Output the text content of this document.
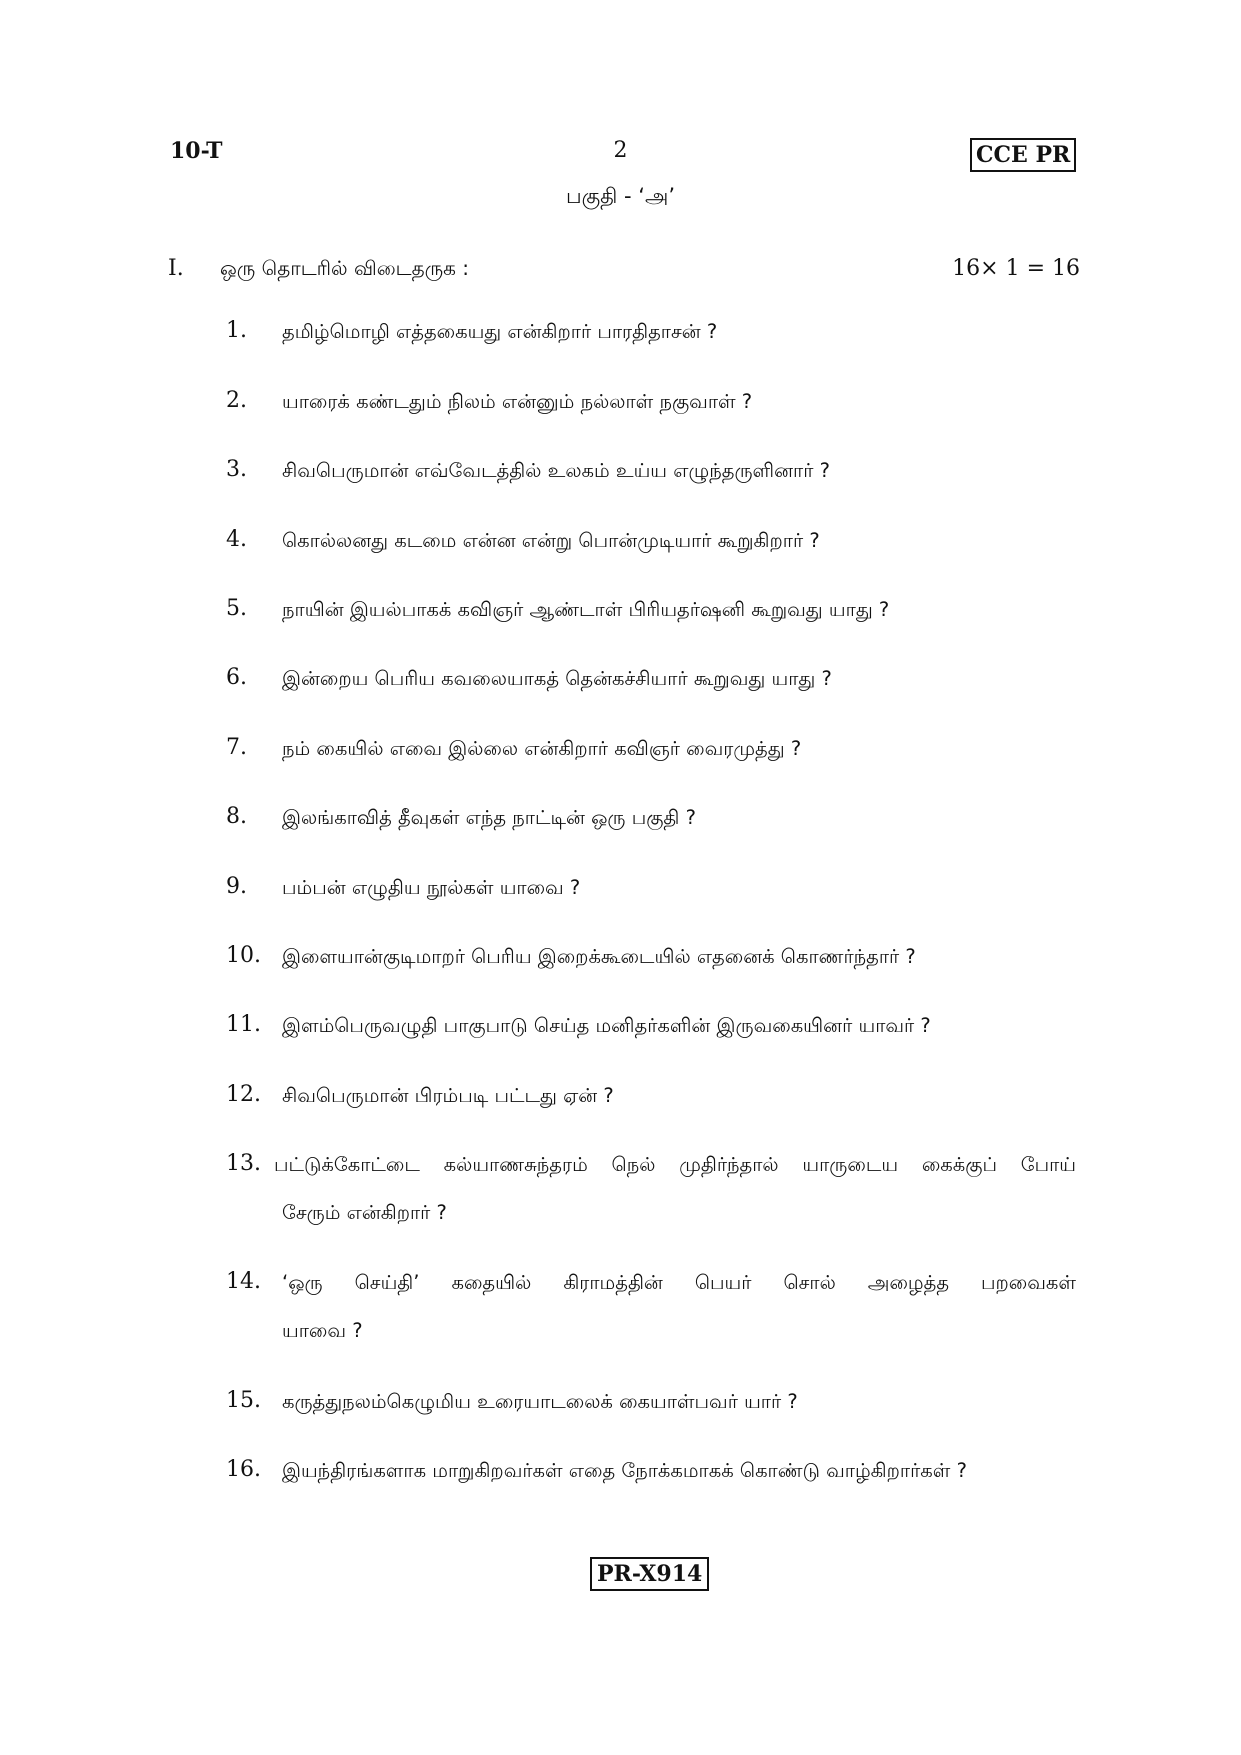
10-T	2	CCE PR
பகுதி - ‘அ’
I. ஒரு தொடரில் விடைதருக :	16× 1 = 16
1. தமிழ்மொழி எத்தகையது என்கிறார் பாரதிதாசன் ?
2. யாரைக் கண்டதும் நிலம் என்னும் நல்லாள் நகுவாள் ?
3. சிவபெருமான் எவ்வேடத்தில் உலகம் உய்ய எழுந்தருளினார் ?
4. கொல்லனது கடமை என்ன என்று பொன்முடியார் கூறுகிறார் ?
5. நாயின் இயல்பாகக் கவிஞர் ஆண்டாள் பிரியதர்ஷனி கூறுவது யாது ?
6. இன்றைய பெரிய கவலையாகத் தென்கச்சியார் கூறுவது யாது ?
7. நம் கையில் எவை இல்லை என்கிறார் கவிஞர் வைரமுத்து ?
8. இலங்காவித் தீவுகள் எந்த நாட்டின் ஒரு பகுதி ?
9. பம்பன் எழுதிய நூல்கள் யாவை ?
10. இளையான்குடிமாறர் பெரிய இறைக்கூடையில் எதனைக் கொணர்ந்தார் ?
11. இளம்பெருவழுதி பாகுபாடு செய்த மனிதர்களின் இருவகையினர் யாவர் ?
12. சிவபெருமான் பிரம்படி பட்டது ஏன் ?
13. பட்டுக்கோட்டை கல்யாணசுந்தரம் நெல் முதிர்ந்தால் யாருடைய கைக்குப் போய்
சேரும் என்கிறார் ?
14. ‘ஒரு செய்தி’ கதையில் கிராமத்தின் பெயர் சொல் அழைத்த பறவைகள்
யாவை ?
15. கருத்துநலம்கெழுமிய உரையாடலைக் கையாள்பவர் யார் ?
16. இயந்திரங்களாக மாறுகிறவர்கள் எதை நோக்கமாகக் கொண்டு வாழ்கிறார்கள் ?
PR-X914
